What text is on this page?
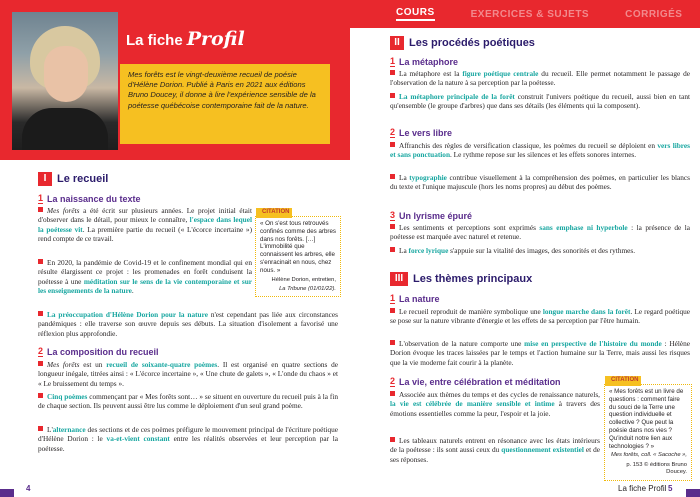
La fiche Profil
Mes forêts est le vingt-deuxième recueil de poésie d'Hélène Dorion. Publié à Paris en 2021 aux éditions Bruno Doucey, il donne à lire l'expérience sensible de la poétesse québécoise contemporaine fait de la nature.
I Le recueil
1 La naissance du texte
Mes forêts a été écrit sur plusieurs années. Le projet initial était d'observer dans le détail, pour mieux le connaître, l'espace dans lequel la poétesse vit. La première partie du recueil (« L'écorce incertaine ») rend compte de ce travail.
En 2020, la pandémie de Covid-19 et le confinement mondial qui en résulte élargissent ce projet : les promenades en forêt conduisent la poétesse à une méditation sur le sens de la vie contemporaine et sur les enseignements de la nature.
La préoccupation d'Hélène Dorion pour la nature n'est cependant pas liée aux circonstances pandémiques : elle traverse son œuvre depuis ses débuts. La situation d'isolement a favorisé une réflexion plus approfondie.
CITATION
« On s'est tous retrouvés confinés comme des arbres dans nos forêts. […] L'immobilité que connaissent les arbres, elle s'enracinait en nous, chez nous. »
Hélène Dorion, entretien,
La Tribune (01/01/22).
2 La composition du recueil
Mes forêts est un recueil de soixante-quatre poèmes. Il est organisé en quatre sections de longueur inégale, titrées ainsi : « L'écorce incertaine », « Une chute de galets », « L'onde du chaos » et « Le bruissement du temps ».
Cinq poèmes commençant par « Mes forêts sont… » se situent en ouverture du recueil puis à la fin de chaque section. Ils peuvent aussi être lus comme le déploiement d'un seul grand poème.
L'alternance des sections et de ces poèmes préfigure le mouvement principal de l'écriture poétique d'Hélène Dorion : le va-et-vient constant entre les réalités observées et leur perception par la poétesse.
4
COURS	EXERCICES & SUJETS	CORRIGÉS
II Les procédés poétiques
1 La métaphore
La métaphore est la figure poétique centrale du recueil. Elle permet notamment le passage de l'observation de la nature à sa perception par la poétesse.
La métaphore principale de la forêt construit l'univers poétique du recueil, aussi bien en tant qu'ensemble (le groupe d'arbres) que dans ses détails (les éléments qui la composent).
2 Le vers libre
Affranchis des règles de versification classique, les poèmes du recueil se déploient en vers libres et sans ponctuation. Le rythme repose sur les silences et les effets sonores internes.
La typographie contribue visuellement à la compréhension des poèmes, en particulier les blancs du texte et l'unique majuscule (hors les noms propres) au début des poèmes.
3 Un lyrisme épuré
Les sentiments et perceptions sont exprimés sans emphase ni hyperbole : la présence de la poétesse est marquée avec naturel et retenue.
La force lyrique s'appuie sur la vitalité des images, des sonorités et des rythmes.
III Les thèmes principaux
1 La nature
Le recueil reproduit de manière symbolique une longue marche dans la forêt. Le regard poétique se pose sur la nature vibrante d'énergie et les effets de sa perception par l'être humain.
L'observation de la nature comporte une mise en perspective de l'histoire du monde : Hélène Dorion évoque les traces laissées par le temps et l'action humaine sur la Terre, mais aussi les risques que la vie moderne fait courir à la planète.
2 La vie, entre célébration et méditation
Associée aux thèmes du temps et des cycles de renaissance naturels, la vie est célébrée de manière sensible et intime à travers des émotions essentielles comme la peur, l'espoir et la joie.
Les tableaux naturels entrent en résonance avec les états intérieurs de la poétesse : ils sont aussi ceux du questionnement existentiel et de ses réponses.
CITATION
« Mes forêts est un livre de questions : comment faire du souci de la Terre une question individuelle et collective ? Que peut la poésie dans nos vies ? Qu'induit notre lien aux technologies ? »
Mes forêts, coll. « Sacoche »,
p. 153 © éditions Bruno Doucey.
La fiche Profil 5
